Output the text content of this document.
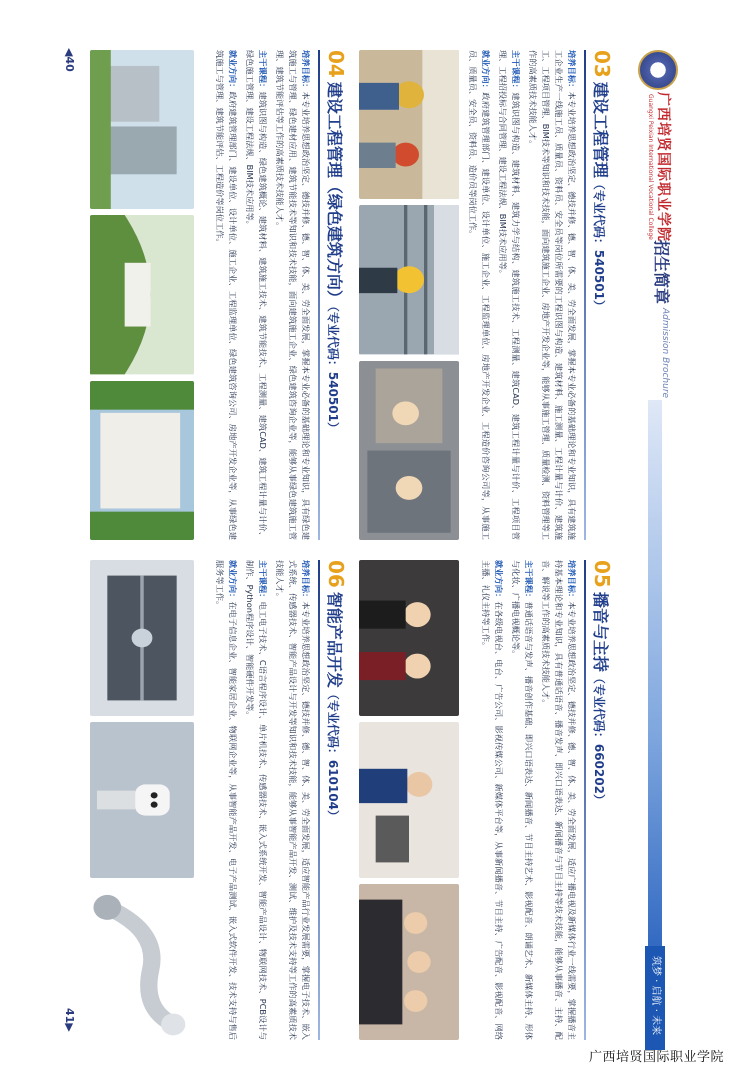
广西培贤国际职业学院
Guangxi Peixian International Vocational College
招生简章
Admission Brochure
筑梦 · 启航 · 未来
03建设工程管理（专业代码：540501）

培养目标：本专业培养思想政治坚定、德技并修、德、智、体、美、劳全面发展，掌握本专业必备的基础理论和专业知识，具有建筑施工企业生产一线施工员、质量员、资料员、安全员等岗位所需要的工程识图与构造、建筑材料、施工测量、工程计量与计价、建筑施工、工程项目管理、BIM技术等知识和技术技能，面向建筑施工企业、房地产开发企业等，能够从事施工管理、质量检测、资料管理等工作的高素质技术技能人才。

主干课程：建筑识图与构造、建筑材料、建筑力学与结构、建筑施工技术、工程测量、建筑CAD、建筑工程计量与计价、工程项目管理、工程招投标与合同管理、建设工程法规、BIM技术应用等。

就业方向：政府建筑管理部门、建设单位、设计单位、施工企业、工程监理单位、房地产开发企业、工程造价咨询公司等，从事施工员、质量员、安全员、资料员、造价员等岗位工作。

04建设工程管理（绿色建筑方向）（专业代码：540501）

培养目标：本专业培养思想政治坚定、德技并修、德、智、体、美、劳全面发展，掌握本专业必备的基础理论和专业知识，具有绿色建筑施工与管理、绿色建材应用、建筑节能技术等知识和技术技能，面向建筑施工企业、绿色建筑咨询企业等，能够从事绿色建筑施工管理、建筑节能评估等工作的高素质技术技能人才。

主干课程：建筑识图与构造、绿色建筑概论、建筑材料、建筑施工技术、建筑节能技术、工程测量、建筑CAD、建筑工程计量与计价、绿色施工管理、建设工程法规、BIM技术应用等。

就业方向：政府建筑管理部门、建设单位、设计单位、施工企业、工程监理单位、绿色建筑咨询公司、房地产开发企业等，从事绿色建筑施工与管理、建筑节能评估、工程造价等岗位工作。

05播音与主持（专业代码：660202）

培养目标：本专业培养思想政治坚定、德技并修、德、智、体、美、劳全面发展，适应广播电视及新媒体行业一线需要，掌握播音主持基本理论和专业知识，具有普通话语音、播音发声、即兴口语表达、新闻播音与节目主持等技术技能，能够从事播音、主持、配音、解说等工作的高素质技术技能人才。

主干课程：普通话语音与发声、播音创作基础、即兴口语表达、新闻播音、节目主持艺术、影视配音、朗诵艺术、新媒体主持、形体与化妆、广播电视概论等。

就业方向：在各级电视台、电台、广告公司、影视传媒公司、新媒体平台等，从事新闻播音、节目主持、广告配音、影视配音、网络主播、礼仪主持等工作。

06智能产品开发（专业代码：610104）

培养目标：本专业培养思想政治坚定、德技并修、德、智、体、美、劳全面发展，适应智能产品行业发展需要，掌握电子技术、嵌入式系统、传感器技术、智能产品设计与开发等知识和技术技能，能够从事智能产品开发、测试、维护及技术支持等工作的高素质技术技能人才。

主干课程：电工电子技术、C语言程序设计、单片机技术、传感器技术、嵌入式系统开发、智能产品设计、物联网技术、PCB设计与制作、Python程序设计、智能硬件开发等。

就业方向：在电子信息企业、智能家居企业、物联网企业等，从事智能产品开发、电子产品测试、嵌入式软件开发、技术支持与售后服务等工作。

◀40
41▶
广西培贤国际职业学院
